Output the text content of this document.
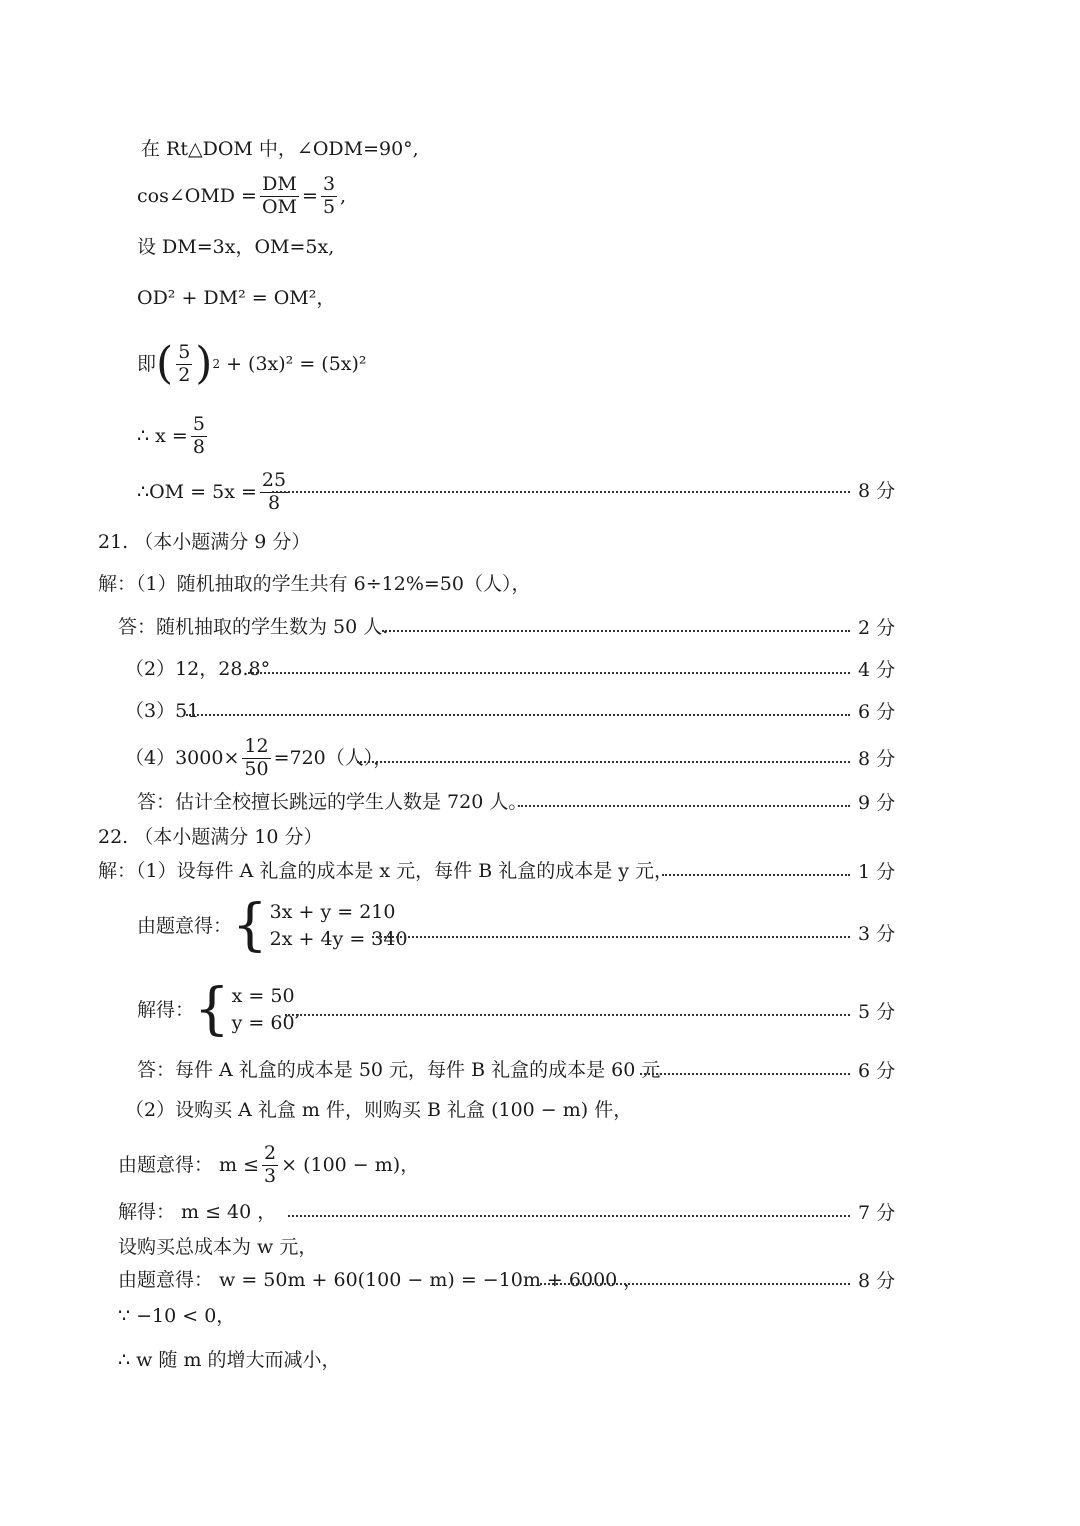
在 Rt△DOM 中，∠ODM=90°,
cos∠OMD = $\frac{DM}{OM} = \frac{3}{5}$ ,
设 DM=3x，OM=5x,
OD² + DM² = OM²，
即 ( $\frac{5}{2}$ ) 2 + (3x)² = (5x)²
∴ $x = \frac{5}{8}$
∴OM = $5x = \frac{25}{8}$	8 分
21. （本小题满分 9 分）
解：（1）随机抽取的学生共有 6÷12%=50（人），
答：随机抽取的学生数为 50 人.	2 分
（2）12，28.8°	4 分
（3）51	6 分
$(4)3000\times \frac{12}{50} =720$（人），	8 分
答：估计全校擅长跳远的学生人数是 720 人。	9 分
22. （本小题满分 10 分）
解：（1）设每件 A 礼盒的成本是 x 元，每件 B 礼盒的成本是 y 元，	1 分
由题意得： { 3x + y = 210
2x + 4y = 340	3 分
解得： { x = 50
y = 60
,	5 分
答：每件 A 礼盒的成本是 50 元，每件 B 礼盒的成本是 60 元	6 分
（2）设购买 A 礼盒 m 件，则购买 B 礼盒 (100 − m) 件，
由题意得： $m \le \frac{2}{3} \times (100 - m)$，
解得： m ≤ 40 ，	7 分
设购买总成本为 w 元，
由题意得： w = 50m + 60(100 − m) = −10m + 6000 ，	8 分
∵ −10 < 0，
∴ w 随 m 的增大而减小，
